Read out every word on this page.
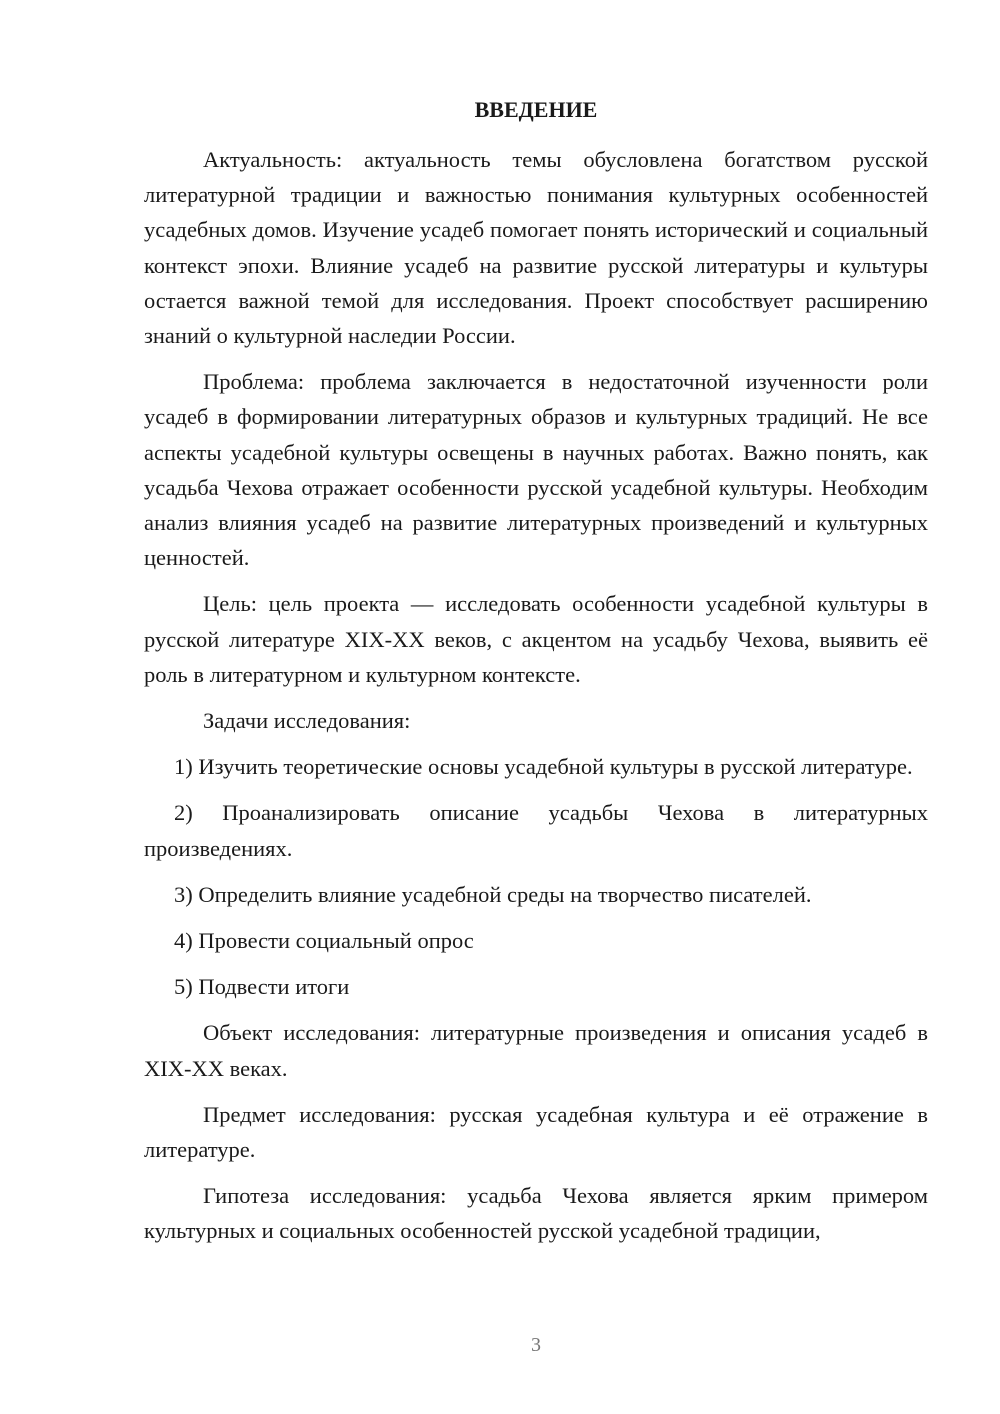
ВВЕДЕНИЕ

Актуальность: актуальность темы обусловлена богатством русской литературной традиции и важностью понимания культурных особенностей усадебных домов. Изучение усадеб помогает понять исторический и социальный контекст эпохи. Влияние усадеб на развитие русской литературы и культуры остается важной темой для исследования. Проект способствует расширению знаний о культурной наследии России.

Проблема: проблема заключается в недостаточной изученности роли усадеб в формировании литературных образов и культурных традиций. Не все аспекты усадебной культуры освещены в научных работах. Важно понять, как усадьба Чехова отражает особенности русской усадебной культуры. Необходим анализ влияния усадеб на развитие литературных произведений и культурных ценностей.

Цель: цель проекта — исследовать особенности усадебной культуры в русской литературе XIX-XX веков, с акцентом на усадьбу Чехова, выявить её роль в литературном и культурном контексте.

Задачи исследования:

1) Изучить теоретические основы усадебной культуры в русской литературе.

2) Проанализировать описание усадьбы Чехова в литературных произведениях.

3) Определить влияние усадебной среды на творчество писателей.

4) Провести социальный опрос

5) Подвести итоги

Объект исследования: литературные произведения и описания усадеб в XIX-XX веках.

Предмет исследования: русская усадебная культура и её отражение в литературе.

Гипотеза исследования: усадьба Чехова является ярким примером культурных и социальных особенностей русской усадебной традиции,

3
